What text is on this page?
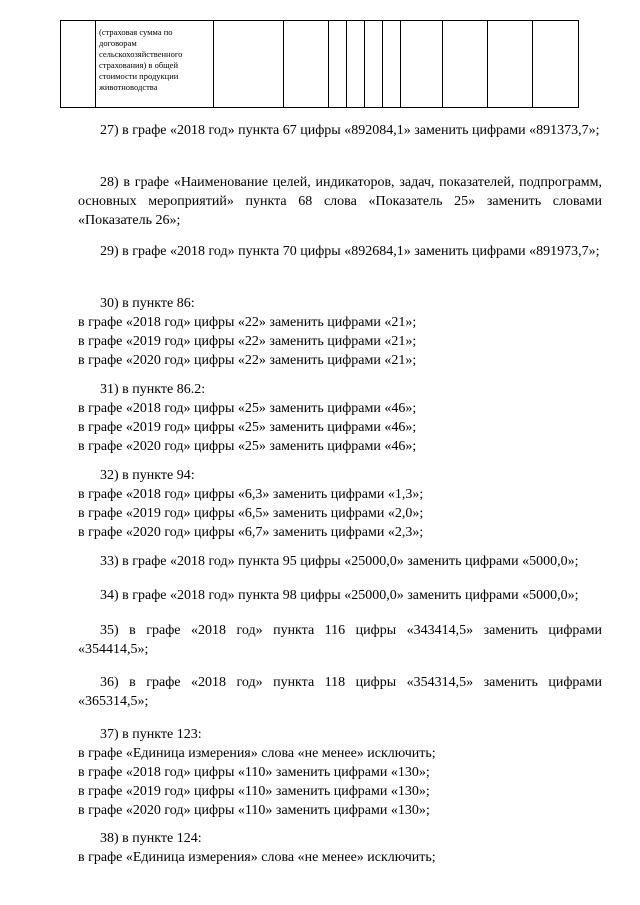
	(страховая сумма по договорам сельскохозяйственного страхования) в общей стоимости продукции животноводства										
27) в графе «2018 год» пункта 67 цифры «892084,1» заменить цифрами «891373,7»;
28) в графе «Наименование целей, индикаторов, задач, показателей, подпрограмм, основных мероприятий» пункта 68 слова «Показатель 25» заменить словами «Показатель 26»;
29) в графе «2018 год» пункта 70 цифры «892684,1» заменить цифрами «891973,7»;
30) в пункте 86:
в графе «2018 год» цифры «22» заменить цифрами «21»;
в графе «2019 год» цифры «22» заменить цифрами «21»;
в графе «2020 год» цифры «22» заменить цифрами «21»;
31) в пункте 86.2:
в графе «2018 год» цифры «25» заменить цифрами «46»;
в графе «2019 год» цифры «25» заменить цифрами «46»;
в графе «2020 год» цифры «25» заменить цифрами «46»;
32) в пункте 94:
в графе «2018 год» цифры «6,3» заменить цифрами «1,3»;
в графе «2019 год» цифры «6,5» заменить цифрами «2,0»;
в графе «2020 год» цифры «6,7» заменить цифрами «2,3»;
33) в графе «2018 год» пункта 95 цифры «25000,0» заменить цифрами «5000,0»;
34) в графе «2018 год» пункта 98 цифры «25000,0» заменить цифрами «5000,0»;
35) в графе «2018 год» пункта 116 цифры «343414,5» заменить цифрами «354414,5»;
36) в графе «2018 год» пункта 118 цифры «354314,5» заменить цифрами «365314,5»;
37) в пункте 123:
в графе «Единица измерения» слова «не менее» исключить;
в графе «2018 год» цифры «110» заменить цифрами «130»;
в графе «2019 год» цифры «110» заменить цифрами «130»;
в графе «2020 год» цифры «110» заменить цифрами «130»;
38) в пункте 124:
в графе «Единица измерения» слова «не менее» исключить;
